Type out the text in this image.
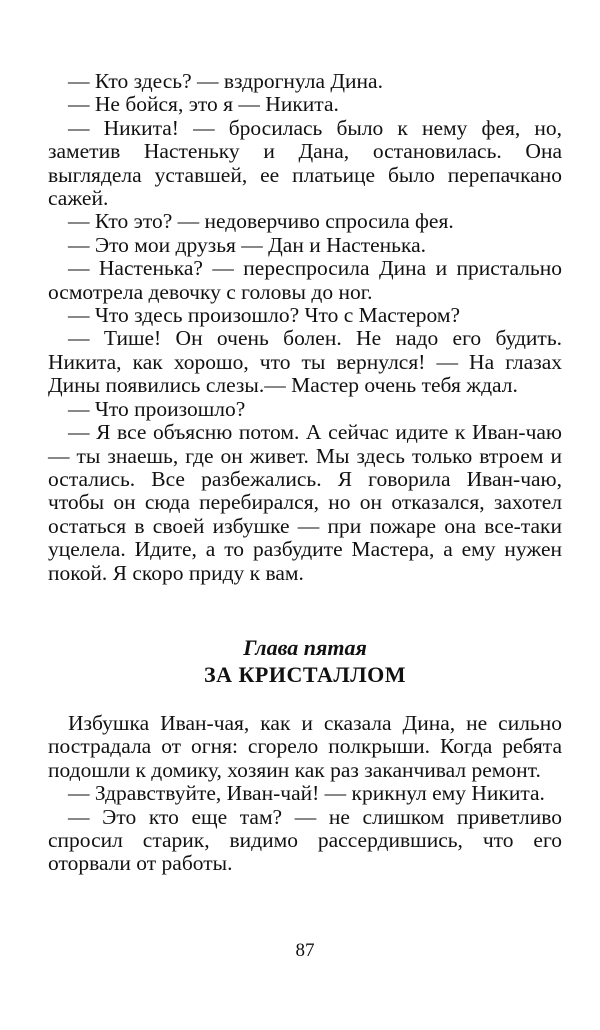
— Кто здесь? — вздрогнула Дина.

— Не бойся, это я — Никита.

— Никита! — бросилась было к нему фея, но, заметив Настеньку и Дана, остановилась. Она выглядела уставшей, ее платьице было перепачкано сажей.

— Кто это? — недоверчиво спросила фея.

— Это мои друзья — Дан и Настенька.

— Настенька? — переспросила Дина и пристально осмотрела девочку с головы до ног.

— Что здесь произошло? Что с Мастером?

— Тише! Он очень болен. Не надо его будить. Никита, как хорошо, что ты вернулся! — На глазах Дины появились слезы.— Мастер очень тебя ждал.

— Что произошло?

— Я все объясню потом. А сейчас идите к Иван-чаю — ты знаешь, где он живет. Мы здесь только втроем и остались. Все разбежались. Я говорила Иван-чаю, чтобы он сюда перебирался, но он отказался, захотел остаться в своей избушке — при пожаре она все-таки уцелела. Идите, а то разбудите Мастера, а ему нужен покой. Я скоро приду к вам.

Глава пятая
ЗА КРИСТАЛЛОМ

Избушка Иван-чая, как и сказала Дина, не сильно пострадала от огня: сгорело полкрыши. Когда ребята подошли к домику, хозяин как раз заканчивал ремонт.

— Здравствуйте, Иван-чай! — крикнул ему Никита.

— Это кто еще там? — не слишком приветливо спросил старик, видимо рассердившись, что его оторвали от работы.

87
